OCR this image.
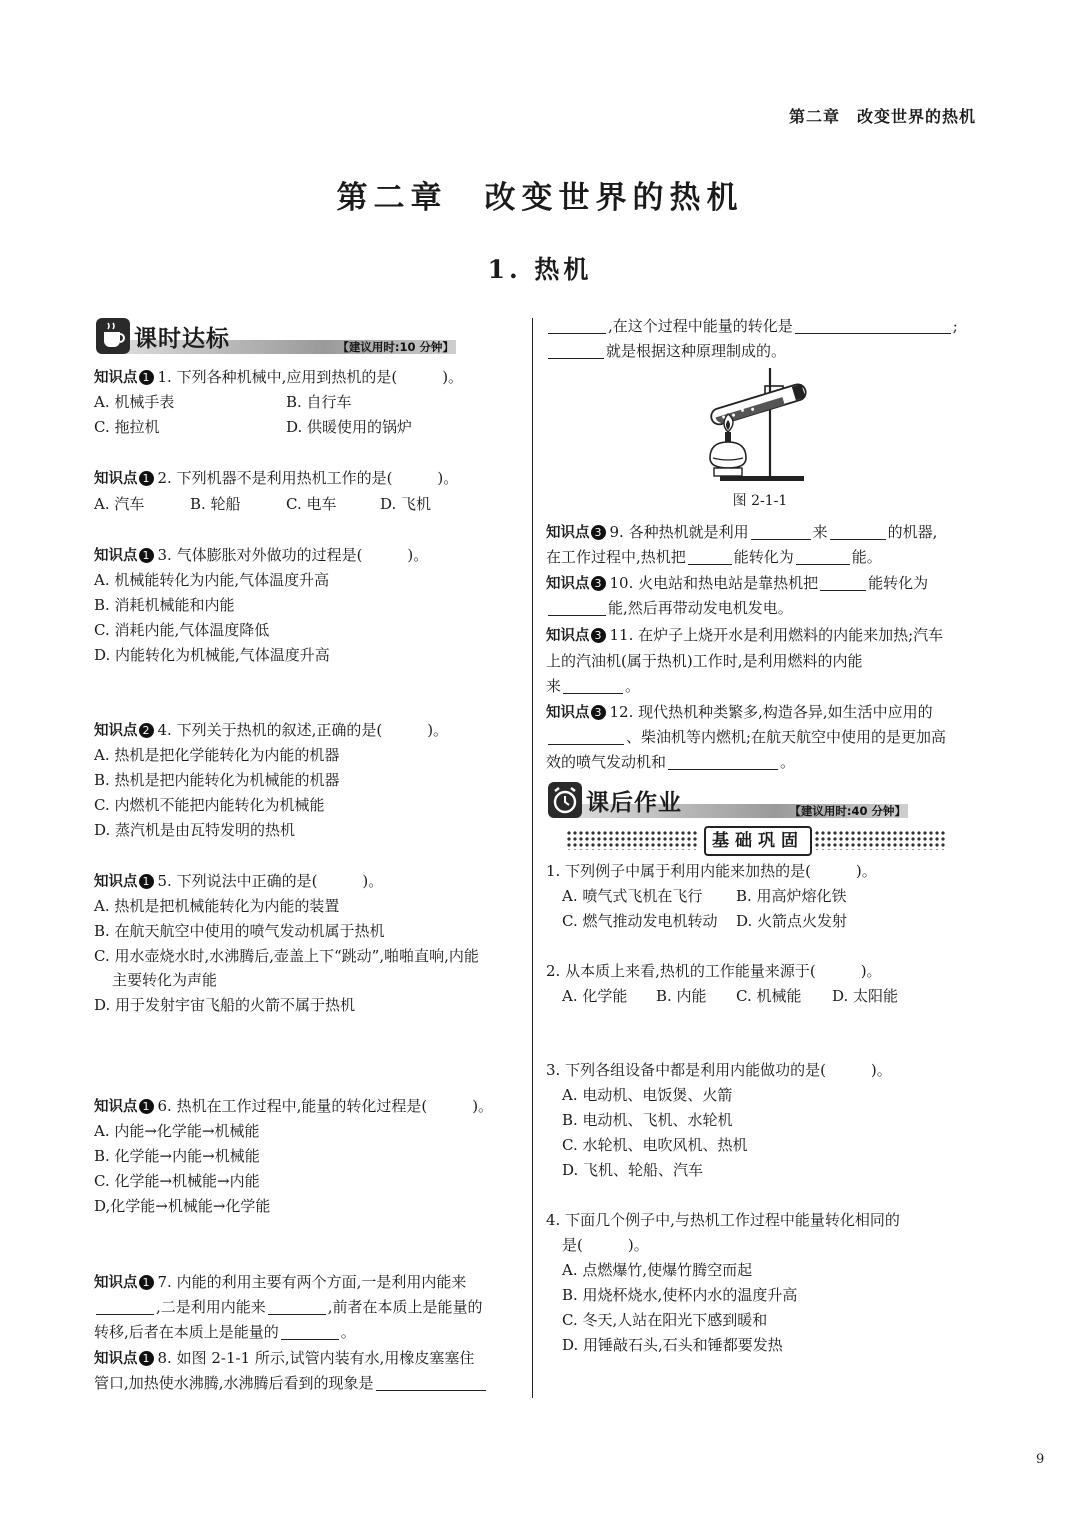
第二章　改变世界的热机
第二章　改变世界的热机
1. 热机
课时达标	【建议用时:10 分钟】
知识点 1 1. 下列各种机械中,应用到热机的是(　　　)。
A. 机械手表	B. 自行车
C. 拖拉机	D. 供暖使用的锅炉
知识点 1 2. 下列机器不是利用热机工作的是(　　　)。
A. 汽车	B. 轮船	C. 电车	D. 飞机
知识点 1 3. 气体膨胀对外做功的过程是(　　　)。
A. 机械能转化为内能,气体温度升高
B. 消耗机械能和内能
C. 消耗内能,气体温度降低
D. 内能转化为机械能,气体温度升高
知识点 2 4. 下列关于热机的叙述,正确的是(　　　)。
A. 热机是把化学能转化为内能的机器
B. 热机是把内能转化为机械能的机器
C. 内燃机不能把内能转化为机械能
D. 蒸汽机是由瓦特发明的热机
知识点 1 5. 下列说法中正确的是(　　　)。
A. 热机是把机械能转化为内能的装置
B. 在航天航空中使用的喷气发动机属于热机
C. 用水壶烧水时,水沸腾后,壶盖上下“跳动”,啪啪直响,内能
主要转化为声能
D. 用于发射宇宙飞船的火箭不属于热机
知识点 1 6. 热机在工作过程中,能量的转化过程是(　　　)。
A. 内能→化学能→机械能
B. 化学能→内能→机械能
C. 化学能→机械能→内能
D,化学能→机械能→化学能
知识点 1 7. 内能的利用主要有两个方面,一是利用内能来
,二是利用内能来	,前者在本质上是能量的
转移,后者在本质上是能量的	。
知识点 1 8. 如图 2-1-1 所示,试管内装有水,用橡皮塞塞住
管口,加热使水沸腾,水沸腾后看到的现象是
,在这个过程中能量的转化是	;
就是根据这种原理制成的。
图 2-1-1
知识点 3 9. 各种热机就是利用	来	的机器,
在工作过程中,热机把	能转化为	能。
知识点 3 10. 火电站和热电站是靠热机把	能转化为
能,然后再带动发电机发电。
知识点 3 11. 在炉子上烧开水是利用燃料的内能来加热;汽车
上的汽油机(属于热机)工作时,是利用燃料的内能
来	。
知识点 3 12. 现代热机种类繁多,构造各异,如生活中应用的
、柴油机等内燃机;在航天航空中使用的是更加高
效的喷气发动机和	。
课后作业	【建议用时:40 分钟】
基础巩固
1. 下列例子中属于利用内能来加热的是(　　　)。
A. 喷气式飞机在飞行 B. 用高炉熔化铁
C. 燃气推动发电机转动 D. 火箭点火发射
2. 从本质上来看,热机的工作能量来源于(　　　)。
A. 化学能 B. 内能 C. 机械能 D. 太阳能
3. 下列各组设备中都是利用内能做功的是(　　　)。
A. 电动机、电饭煲、火箭
B. 电动机、飞机、水轮机
C. 水轮机、电吹风机、热机
D. 飞机、轮船、汽车
4. 下面几个例子中,与热机工作过程中能量转化相同的
是(　　　)。
A. 点燃爆竹,使爆竹腾空而起
B. 用烧杯烧水,使杯内水的温度升高
C. 冬天,人站在阳光下感到暖和
D. 用锤敲石头,石头和锤都要发热
9
